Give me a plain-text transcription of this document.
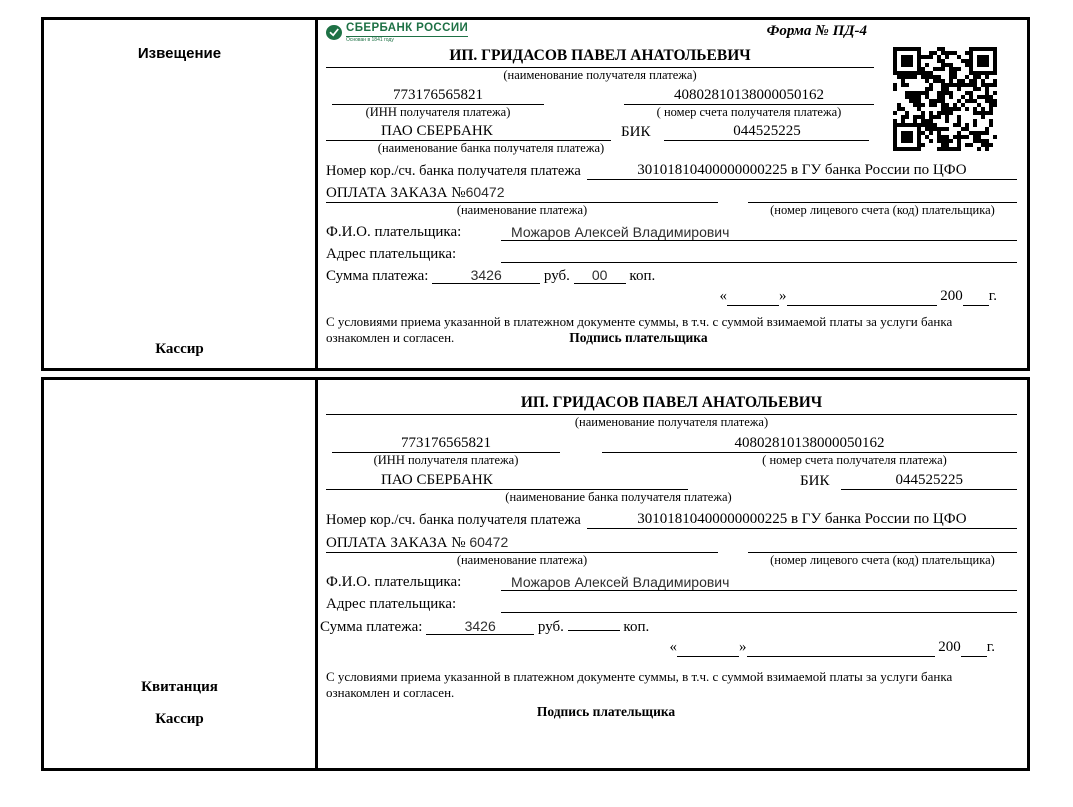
Извещение
Кассир
СБЕРБАНК РОССИИ
Основан в 1841 году
Форма № ПД-4
ИП. ГРИДАСОВ ПАВЕЛ АНАТОЛЬЕВИЧ
(наименование получателя платежа)
773176565821	40802810138000050162
(ИНН получателя платежа)	( номер счета получателя платежа)
ПАО СБЕРБАНК	БИК	044525225
(наименование банка получателя платежа)
Номер кор./сч. банка получателя платежа	30101810400000000225 в ГУ банка России по ЦФО
ОПЛАТА ЗАКАЗА №60472

(наименование платежа)	(номер лицевого счета (код) плательщика)
Ф.И.О. плательщика:	Можаров Алексей Владимирович
Адрес плательщика:

Сумма платежа:	3426	руб. 00 коп.
«	»	200 г.
С условиями приема указанной в платежном документе суммы, в т.ч. с суммой взимаемой платы за услуги банка
ознакомлен и согласен.	Подпись плательщика
Квитанция
Кассир
ИП. ГРИДАСОВ ПАВЕЛ АНАТОЛЬЕВИЧ
(наименование получателя платежа)
773176565821	40802810138000050162
(ИНН получателя платежа)	( номер счета получателя платежа)
ПАО СБЕРБАНК	БИК	044525225
(наименование банка получателя платежа)
Номер кор./сч. банка получателя платежа	30101810400000000225 в ГУ банка России по ЦФО
ОПЛАТА ЗАКАЗА № 60472

(наименование платежа)	(номер лицевого счета (код) плательщика)
Ф.И.О. плательщика:	Можаров Алексей Владимирович
Адрес плательщика:

Сумма платежа:	3426	руб.	коп.
«	»	200 г.
С условиями приема указанной в платежном документе суммы, в т.ч. с суммой взимаемой платы за услуги банка
ознакомлен и согласен.
Подпись плательщика
